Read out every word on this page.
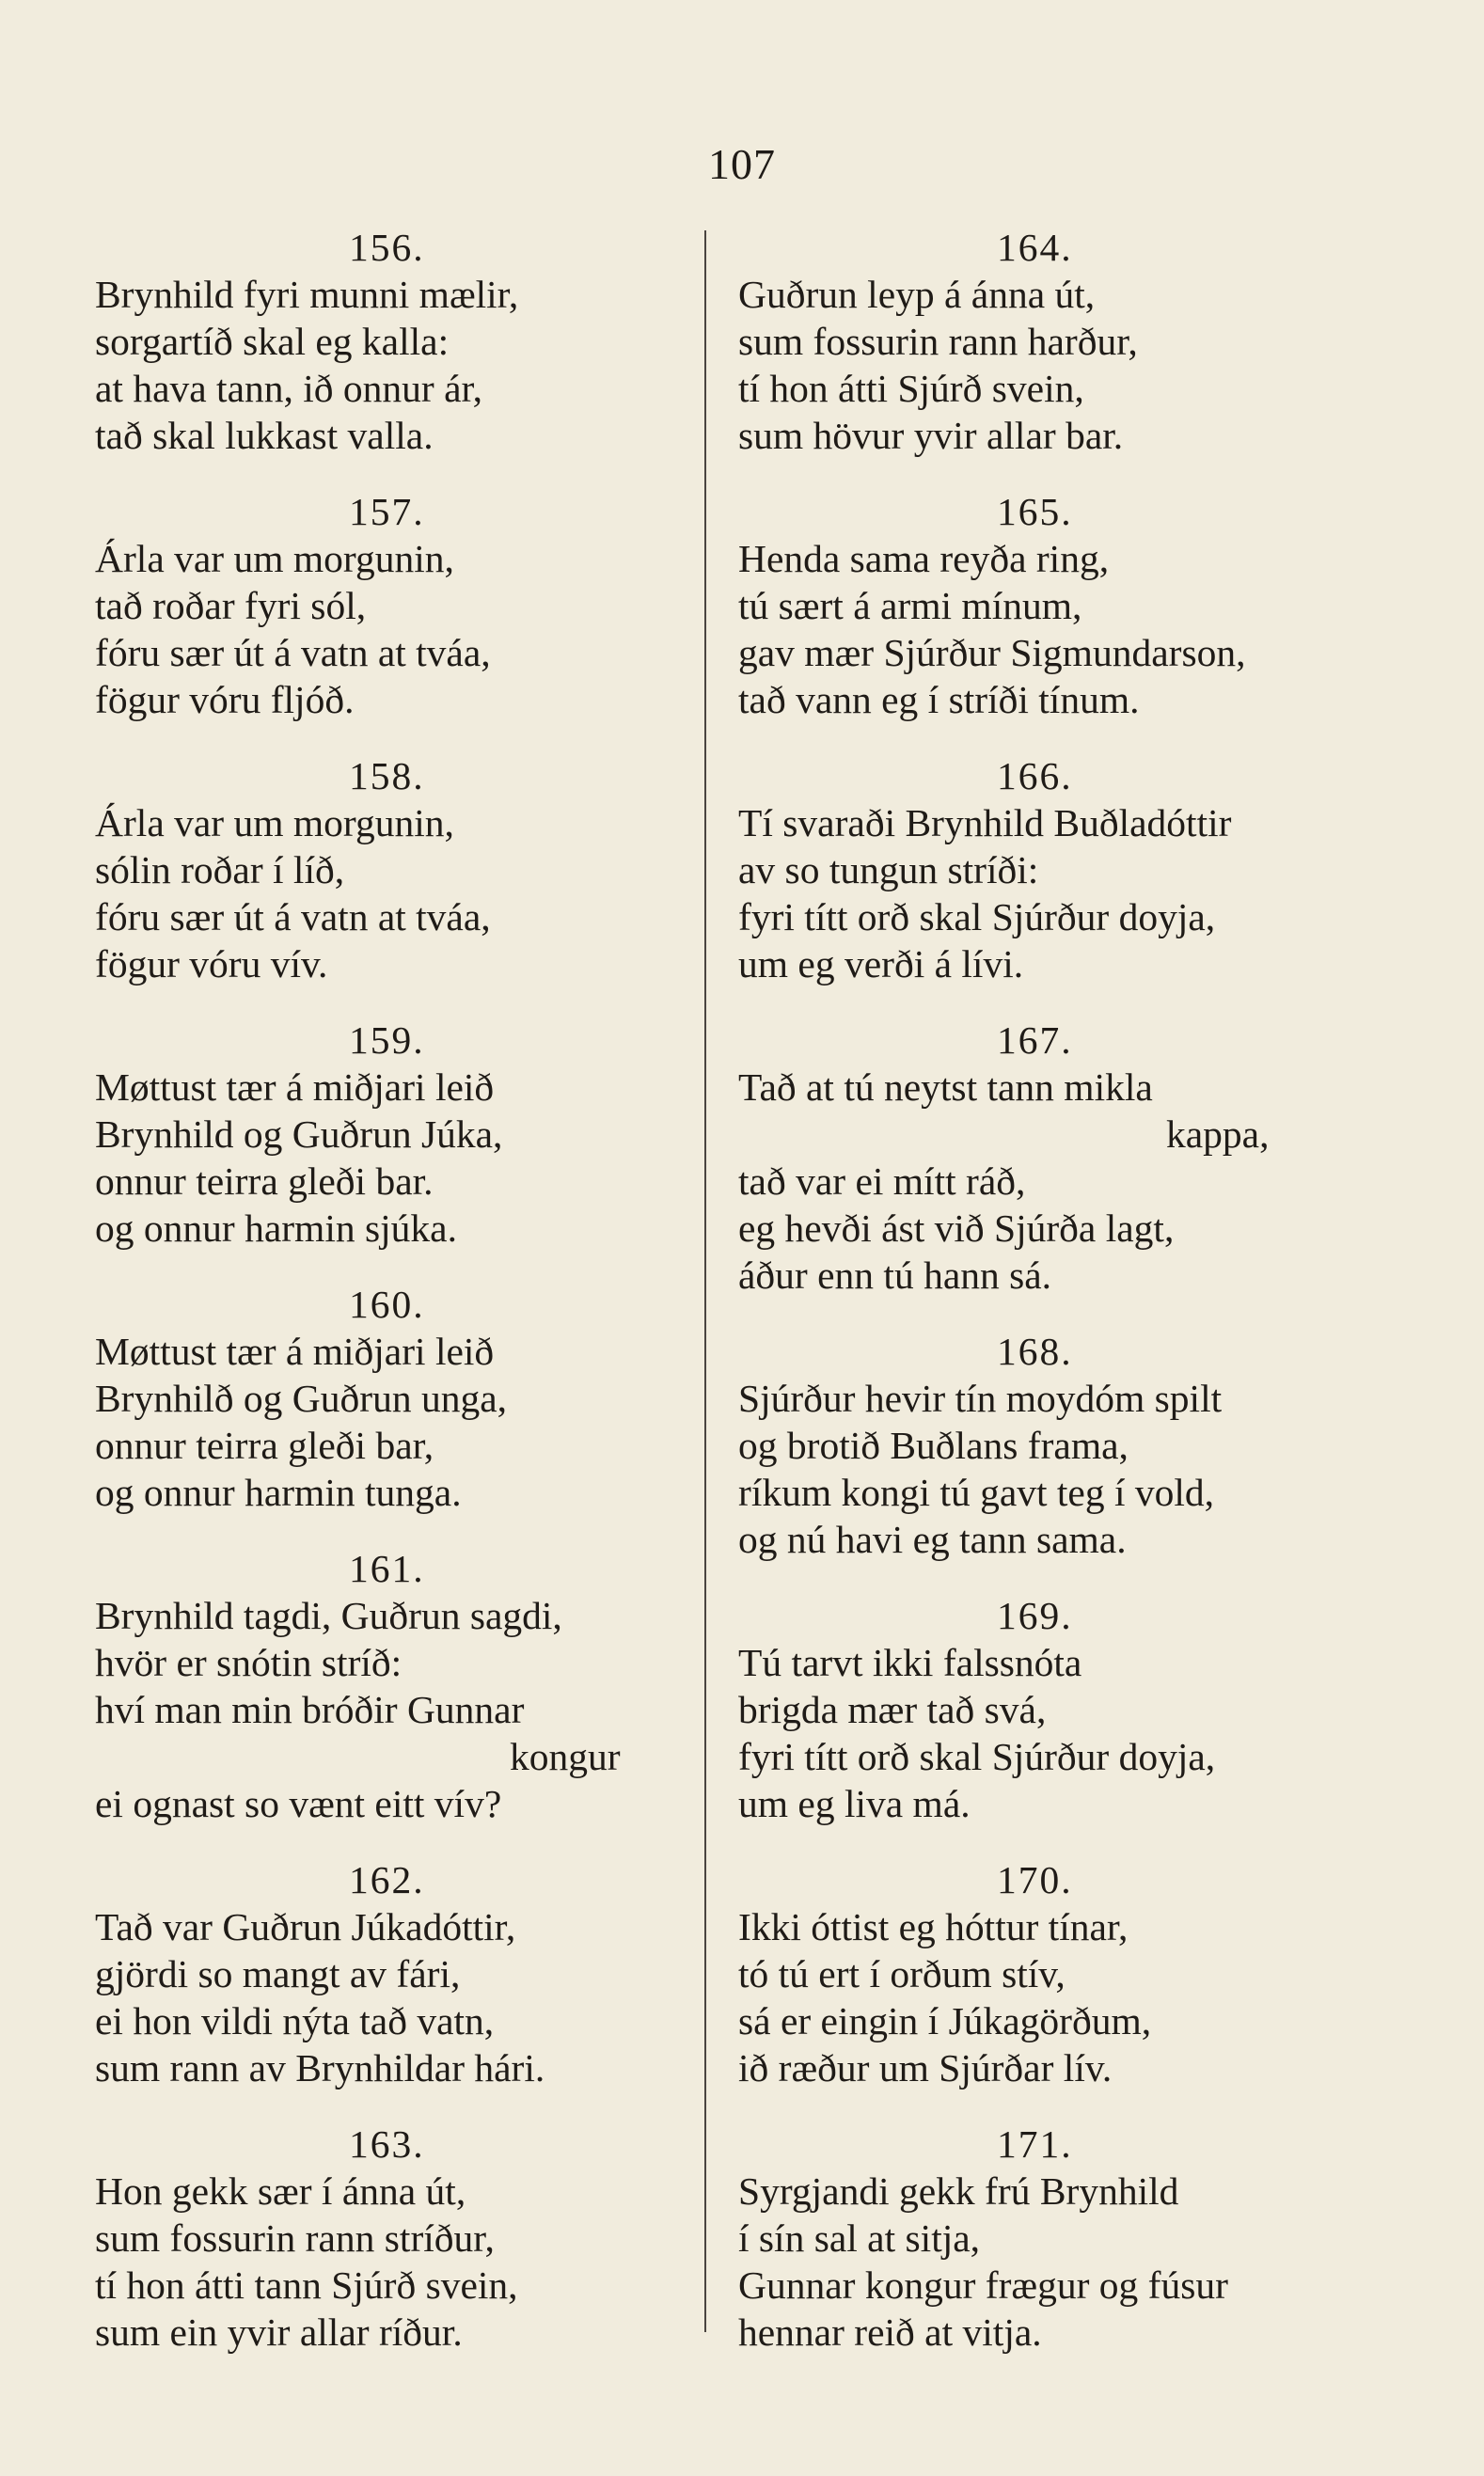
107
156.
Brynhild fyri munni mælir,
sorgartíð skal eg kalla:
at hava tann, ið onnur ár,
tað skal lukkast valla.
157.
Árla var um morgunin,
tað roðar fyri sól,
fóru sær út á vatn at tváa,
fögur vóru fljóð.
158.
Árla var um morgunin,
sólin roðar í líð,
fóru sær út á vatn at tváa,
fögur vóru vív.
159.
Møttust tær á miðjari leið
Brynhild og Guðrun Júka,
onnur teirra gleði bar.
og onnur harmin sjúka.
160.
Møttust tær á miðjari leið
Brynhilð og Guðrun unga,
onnur teirra gleði bar,
og onnur harmin tunga.
161.
Brynhild tagdi, Guðrun sagdi,
hvör er snótin stríð:
hví man min bróðir Gunnar
kongur
ei ognast so vænt eitt vív?
162.
Tað var Guðrun Júkadóttir,
gjördi so mangt av fári,
ei hon vildi nýta tað vatn,
sum rann av Brynhildar hári.
163.
Hon gekk sær í ánna út,
sum fossurin rann stríður,
tí hon átti tann Sjúrð svein,
sum ein yvir allar ríður.
164.
Guðrun leyp á ánna út,
sum fossurin rann harður,
tí hon átti Sjúrð svein,
sum hövur yvir allar bar.
165.
Henda sama reyða ring,
tú sært á armi mínum,
gav mær Sjúrður Sigmundarson,
tað vann eg í stríði tínum.
166.
Tí svaraði Brynhild Buðladóttir
av so tungun stríði:
fyri títt orð skal Sjúrður doyja,
um eg verði á lívi.
167.
Tað at tú neytst tann mikla
kappa,
tað var ei mítt ráð,
eg hevði ást við Sjúrða lagt,
áður enn tú hann sá.
168.
Sjúrður hevir tín moydóm spilt
og brotið Buðlans frama,
ríkum kongi tú gavt teg í vold,
og nú havi eg tann sama.
169.
Tú tarvt ikki falssnóta
brigda mær tað svá,
fyri títt orð skal Sjúrður doyja,
um eg liva má.
170.
Ikki óttist eg hóttur tínar,
tó tú ert í orðum stív,
sá er eingin í Júkagörðum,
ið ræður um Sjúrðar lív.
171.
Syrgjandi gekk frú Brynhild
í sín sal at sitja,
Gunnar kongur frægur og fúsur
hennar reið at vitja.
